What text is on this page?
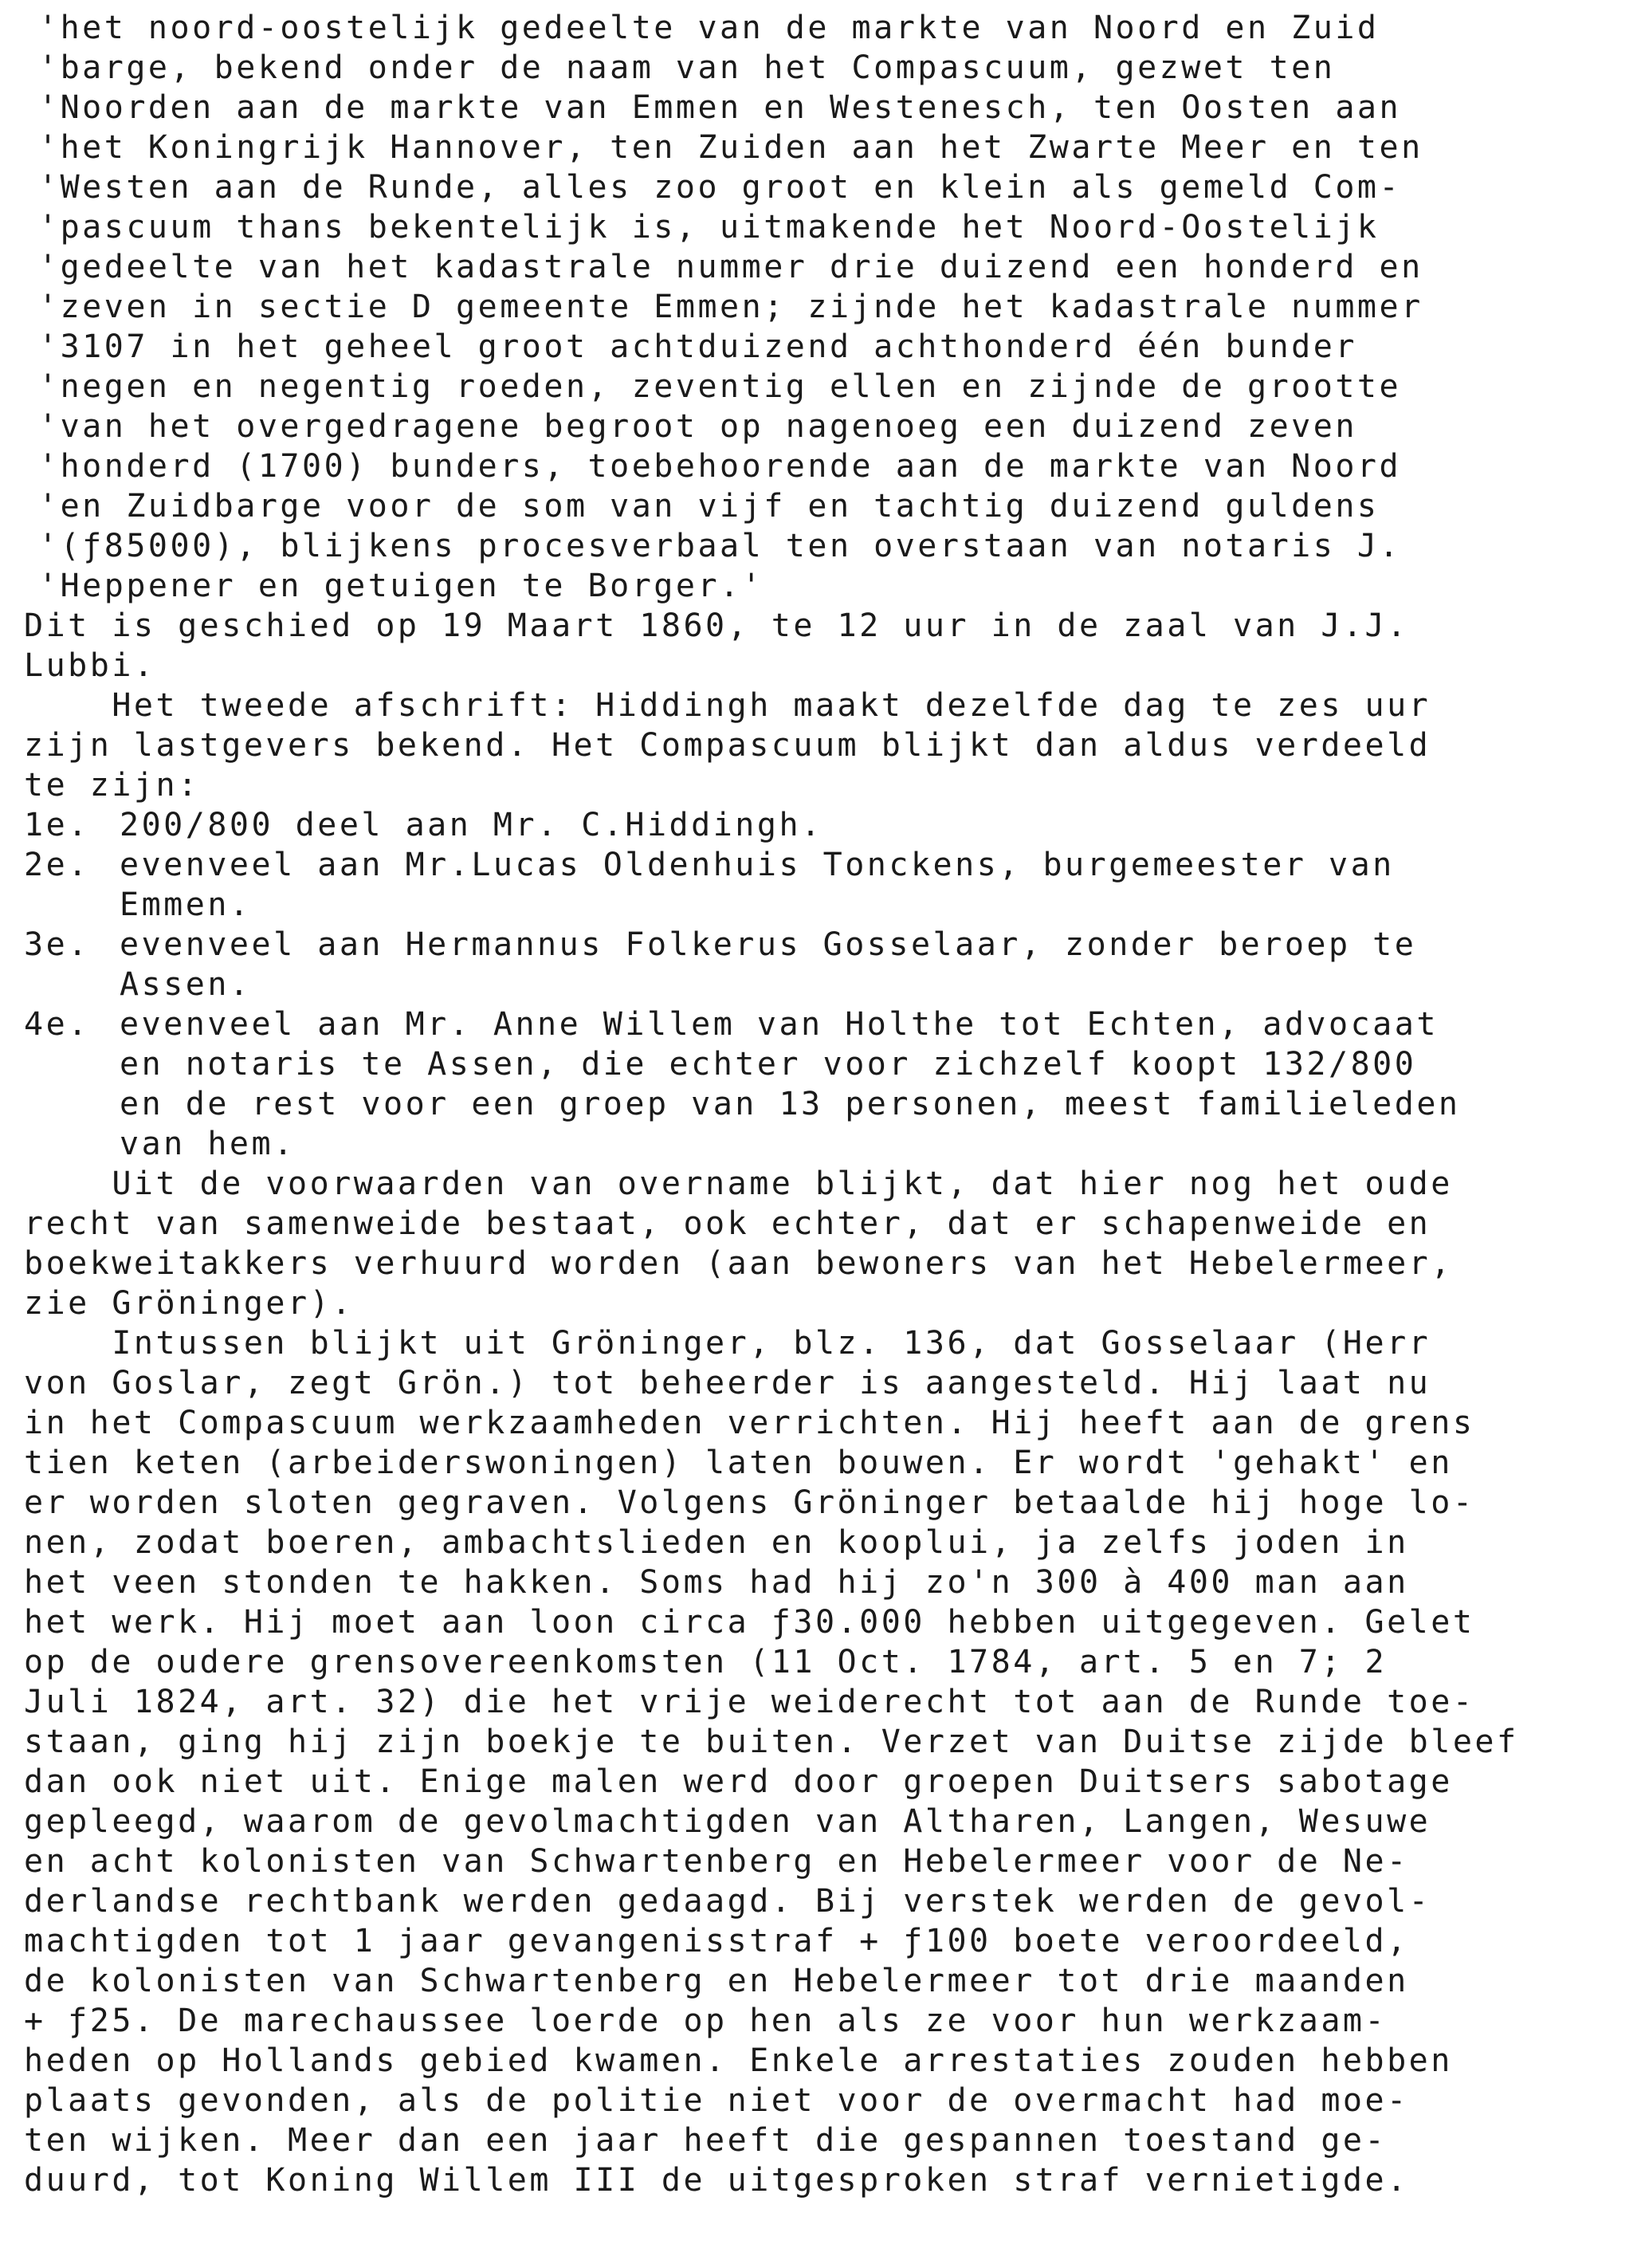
'het noord-oostelijk gedeelte van de markte van Noord en Zuid
'barge, bekend onder de naam van het Compascuum, gezwet ten
'Noorden aan de markte van Emmen en Westenesch, ten Oosten aan
'het Koningrijk Hannover, ten Zuiden aan het Zwarte Meer en ten
'Westen aan de Runde, alles zoo groot en klein als gemeld Com-
'pascuum thans bekentelijk is, uitmakende het Noord-Oostelijk
'gedeelte van het kadastrale nummer drie duizend een honderd en
'zeven in sectie D gemeente Emmen; zijnde het kadastrale nummer
'3107 in het geheel groot achtduizend achthonderd één bunder
'negen en negentig roeden, zeventig ellen en zijnde de grootte
'van het overgedragene begroot op nagenoeg een duizend zeven
'honderd (1700) bunders, toebehoorende aan de markte van Noord
'en Zuidbarge voor de som van vijf en tachtig duizend guldens
'(ƒ85000), blijkens procesverbaal ten overstaan van notaris J.
'Heppener en getuigen te Borger.'
Dit is geschied op 19 Maart 1860, te 12 uur in de zaal van J.J.
Lubbi.
Het tweede afschrift: Hiddingh maakt dezelfde dag te zes uur
zijn lastgevers bekend. Het Compascuum blijkt dan aldus verdeeld
te zijn:
1e. 200/800 deel aan Mr. C.Hiddingh.
2e. evenveel aan Mr.Lucas Oldenhuis Tonckens, burgemeester van
Emmen.
3e. evenveel aan Hermannus Folkerus Gosselaar, zonder beroep te
Assen.
4e. evenveel aan Mr. Anne Willem van Holthe tot Echten, advocaat
en notaris te Assen, die echter voor zichzelf koopt 132/800
en de rest voor een groep van 13 personen, meest familieleden
van hem.
Uit de voorwaarden van overname blijkt, dat hier nog het oude
recht van samenweide bestaat, ook echter, dat er schapenweide en
boekweitakkers verhuurd worden (aan bewoners van het Hebelermeer,
zie Gröninger).
Intussen blijkt uit Gröninger, blz. 136, dat Gosselaar (Herr
von Goslar, zegt Grön.) tot beheerder is aangesteld. Hij laat nu
in het Compascuum werkzaamheden verrichten. Hij heeft aan de grens
tien keten (arbeiderswoningen) laten bouwen. Er wordt 'gehakt' en
er worden sloten gegraven. Volgens Gröninger betaalde hij hoge lo-
nen, zodat boeren, ambachtslieden en kooplui, ja zelfs joden in
het veen stonden te hakken. Soms had hij zo'n 300 à 400 man aan
het werk. Hij moet aan loon circa ƒ30.000 hebben uitgegeven. Gelet
op de oudere grensovereenkomsten (11 Oct. 1784, art. 5 en 7; 2
Juli 1824, art. 32) die het vrije weiderecht tot aan de Runde toe-
staan, ging hij zijn boekje te buiten. Verzet van Duitse zijde bleef
dan ook niet uit. Enige malen werd door groepen Duitsers sabotage
gepleegd, waarom de gevolmachtigden van Altharen, Langen, Wesuwe
en acht kolonisten van Schwartenberg en Hebelermeer voor de Ne-
derlandse rechtbank werden gedaagd. Bij verstek werden de gevol-
machtigden tot 1 jaar gevangenisstraf + ƒ100 boete veroordeeld,
de kolonisten van Schwartenberg en Hebelermeer tot drie maanden
+ ƒ25. De marechaussee loerde op hen als ze voor hun werkzaam-
heden op Hollands gebied kwamen. Enkele arrestaties zouden hebben
plaats gevonden, als de politie niet voor de overmacht had moe-
ten wijken. Meer dan een jaar heeft die gespannen toestand ge-
duurd, tot Koning Willem III de uitgesproken straf vernietigde.
